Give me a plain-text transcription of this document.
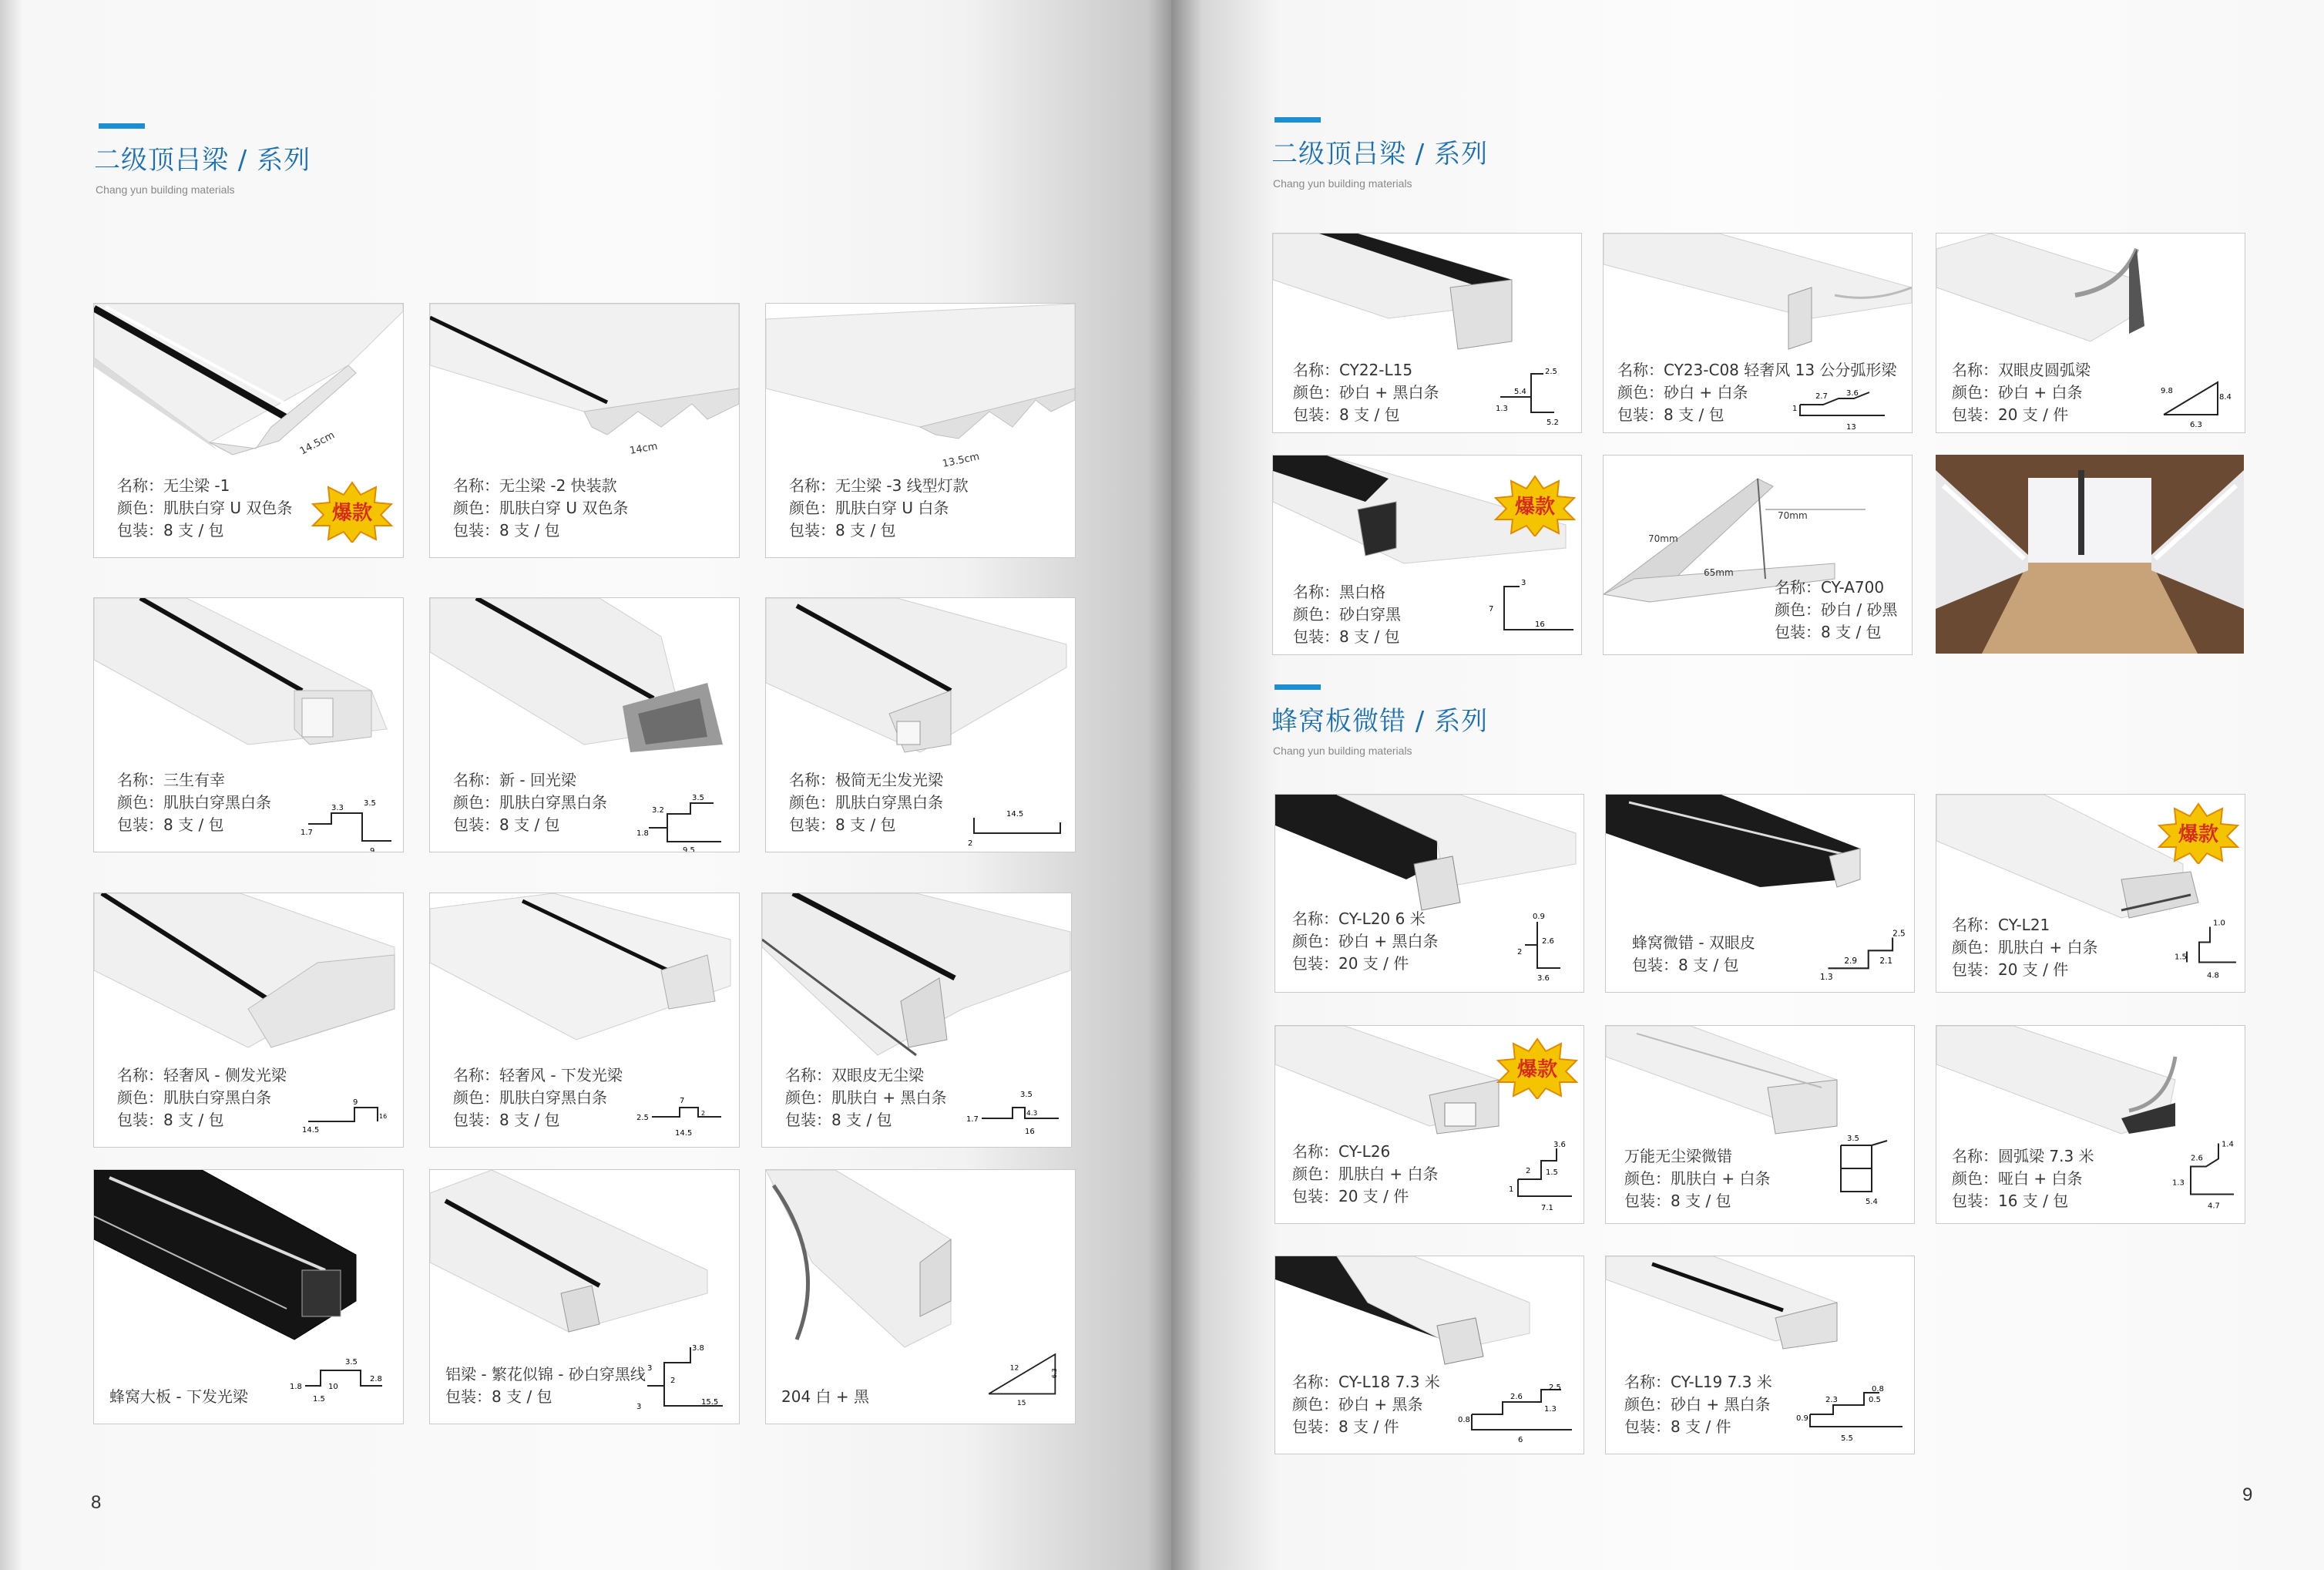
二级顶吕梁 / 系列
Chang yun building materials
14.5cm
爆款
名称：无尘梁 -1
颜色：肌肤白穿 U 双色条
包装：8 支 / 包
14cm
名称：无尘梁 -2 快装款
颜色：肌肤白穿 U 双色条
包装：8 支 / 包
13.5cm
名称：无尘梁 -3 线型灯款
颜色：肌肤白穿 U 白条
包装：8 支 / 包
3.3
3.5
1.7
9
名称：三生有幸
颜色：肌肤白穿黑白条
包装：8 支 / 包
3.5
3.2
1.8
9.5
名称：新 - 回光梁
颜色：肌肤白穿黑白条
包装：8 支 / 包
14.5
2
名称：极简无尘发光梁
颜色：肌肤白穿黑白条
包装：8 支 / 包
9
14.5
16
名称：轻奢风 - 侧发光梁
颜色：肌肤白穿黑白条
包装：8 支 / 包
7
2.5
14.5
2
名称：轻奢风 - 下发光梁
颜色：肌肤白穿黑白条
包装：8 支 / 包
3.5
4.3
1.7
16
名称：双眼皮无尘梁
颜色：肌肤白 + 黑白条
包装：8 支 / 包
3.5
1.8	10
2.8
1.5
蜂窝大板 - 下发光梁
3.8
3
2
3
15.5
铝梁 - 繁花似锦 - 砂白穿黑线
包装：8 支 / 包
12
6.3
15
204 白 + 黑
8
二级顶吕梁 / 系列
Chang yun building materials
2.5
5.4
1.3
5.2
名称：CY22-L15
颜色：砂白 + 黑白条
包装：8 支 / 包
2.7 3.6
1
13
名称：CY23-C08 轻奢风 13 公分弧形梁
颜色：砂白 + 白条
包装：8 支 / 包
9.8
8.4
6.3
名称：双眼皮圆弧梁
颜色：砂白 + 白条
包装：20 支 / 件
爆款
3
7
16
名称：黑白格
颜色：砂白穿黑
包装：8 支 / 包
70mm
70mm
65mm
名称：CY-A700
颜色：砂白 / 砂黑
包装：8 支 / 包
蜂窝板微错 / 系列
Chang yun building materials
0.9
2.6
2
3.6
名称：CY-L20 6 米
颜色：砂白 + 黑白条
包装：20 支 / 件
2.5
2.9	2.1
1.3
蜂窝微错 - 双眼皮
包装：8 支 / 包
爆款
1.0
1.5
4.8
名称：CY-L21
颜色：肌肤白 + 白条
包装：20 支 / 件
爆款
3.6
2 1.5
1
7.1
名称：CY-L26
颜色：肌肤白 + 白条
包装：20 支 / 件
3.5
5.4
万能无尘梁微错
颜色：肌肤白 + 白条
包装：8 支 / 包
1.4
2.6
1.3
4.7
名称：圆弧梁 7.3 米
颜色：哑白 + 白条
包装：16 支 / 包
2.5
2.6
1.3
0.8
6
名称：CY-L18 7.3 米
颜色：砂白 + 黑条
包装：8 支 / 件
0.8
2.3	0.5
0.9
5.5
名称：CY-L19 7.3 米
颜色：砂白 + 黑白条
包装：8 支 / 件
9
